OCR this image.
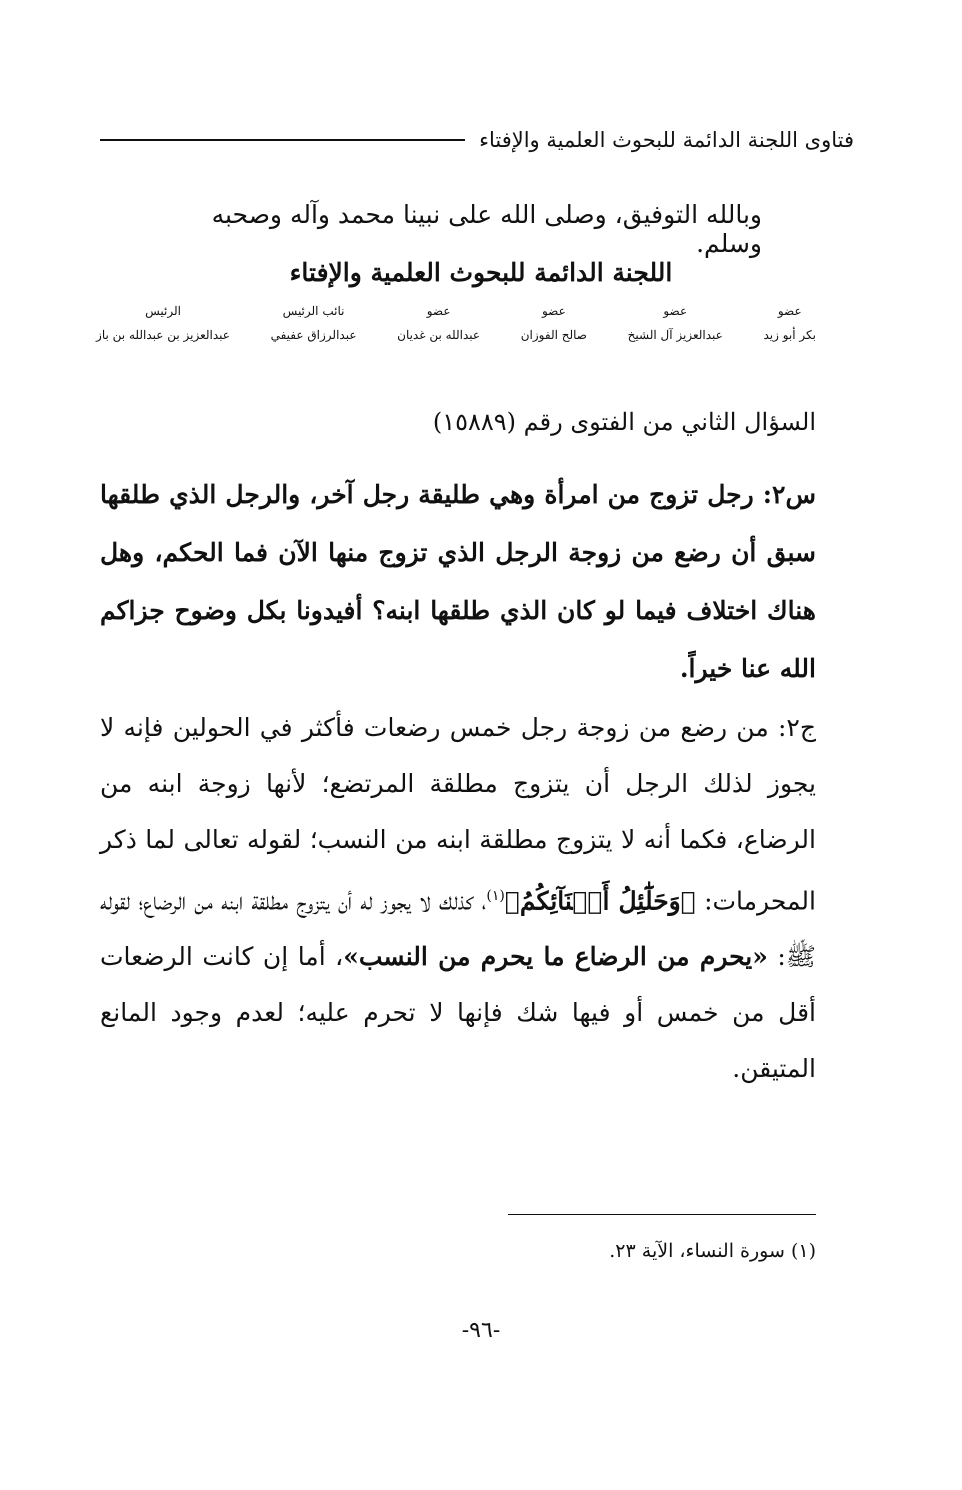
فتاوى اللجنة الدائمة للبحوث العلمية والإفتاء
وبالله التوفيق، وصلى الله على نبينا محمد وآله وصحبه وسلم.
اللجنة الدائمة للبحوث العلمية والإفتاء
عضو
بكر أبو زيد
عضو
عبدالعزيز آل الشيخ
عضو
صالح الفوزان
عضو
عبدالله بن غديان
نائب الرئيس
عبدالرزاق عفيفي
الرئيس
عبدالعزيز بن عبدالله بن باز
السؤال الثاني من الفتوى رقم (١٥٨٨٩)
س٢: رجل تزوج من امرأة وهي طليقة رجل آخر، والرجل الذي طلقها سبق أن رضع من زوجة الرجل الذي تزوج منها الآن فما الحكم، وهل هناك اختلاف فيما لو كان الذي طلقها ابنه؟ أفيدونا بكل وضوح جزاكم الله عنا خيراً.
ج٢: من رضع من زوجة رجل خمس رضعات فأكثر في الحولين فإنه لا يجوز لذلك الرجل أن يتزوج مطلقة المرتضع؛ لأنها زوجة ابنه من الرضاع، فكما أنه لا يتزوج مطلقة ابنه من النسب؛ لقوله تعالى لما ذكر المحرمات: ﴿وَحَلَٰٓئِلُ أَبۡنَآئِكُمُ﴾$^{(١)}$، كذلك لا يجوز له أن يتزوج مطلقة ابنه من الرضاع؛ لقوله ﷺ: «يحرم من الرضاع ما يحرم من النسب»، أما إن كانت الرضعات أقل من خمس أو فيها شك فإنها لا تحرم عليه؛ لعدم وجود المانع المتيقن.
(١) سورة النساء، الآية ٢٣.
-٩٦-
